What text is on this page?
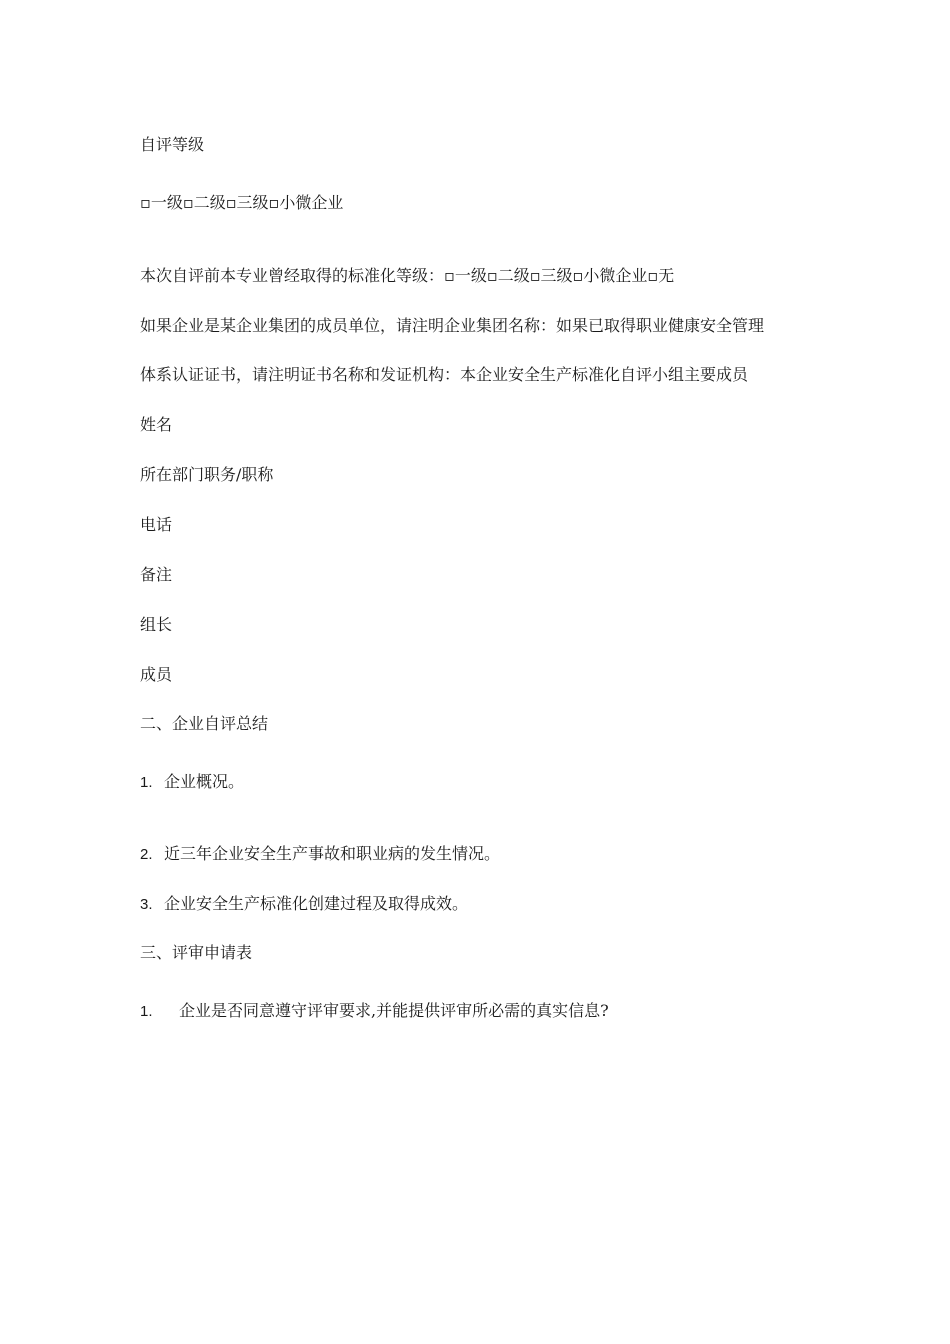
自评等级
▫一级▫二级▫三级▫小微企业
本次自评前本专业曾经取得的标准化等级：▫一级▫二级▫三级▫小微企业▫无
如果企业是某企业集团的成员单位，请注明企业集团名称：如果已取得职业健康安全管理
体系认证证书，请注明证书名称和发证机构：本企业安全生产标准化自评小组主要成员
姓名
所在部门职务/职称
电话
备注
组长
成员
二、企业自评总结
1. 企业概况。
2. 近三年企业安全生产事故和职业病的发生情况。
3. 企业安全生产标准化创建过程及取得成效。
三、评审申请表
1. 企业是否同意遵守评审要求,并能提供评审所必需的真实信息?
